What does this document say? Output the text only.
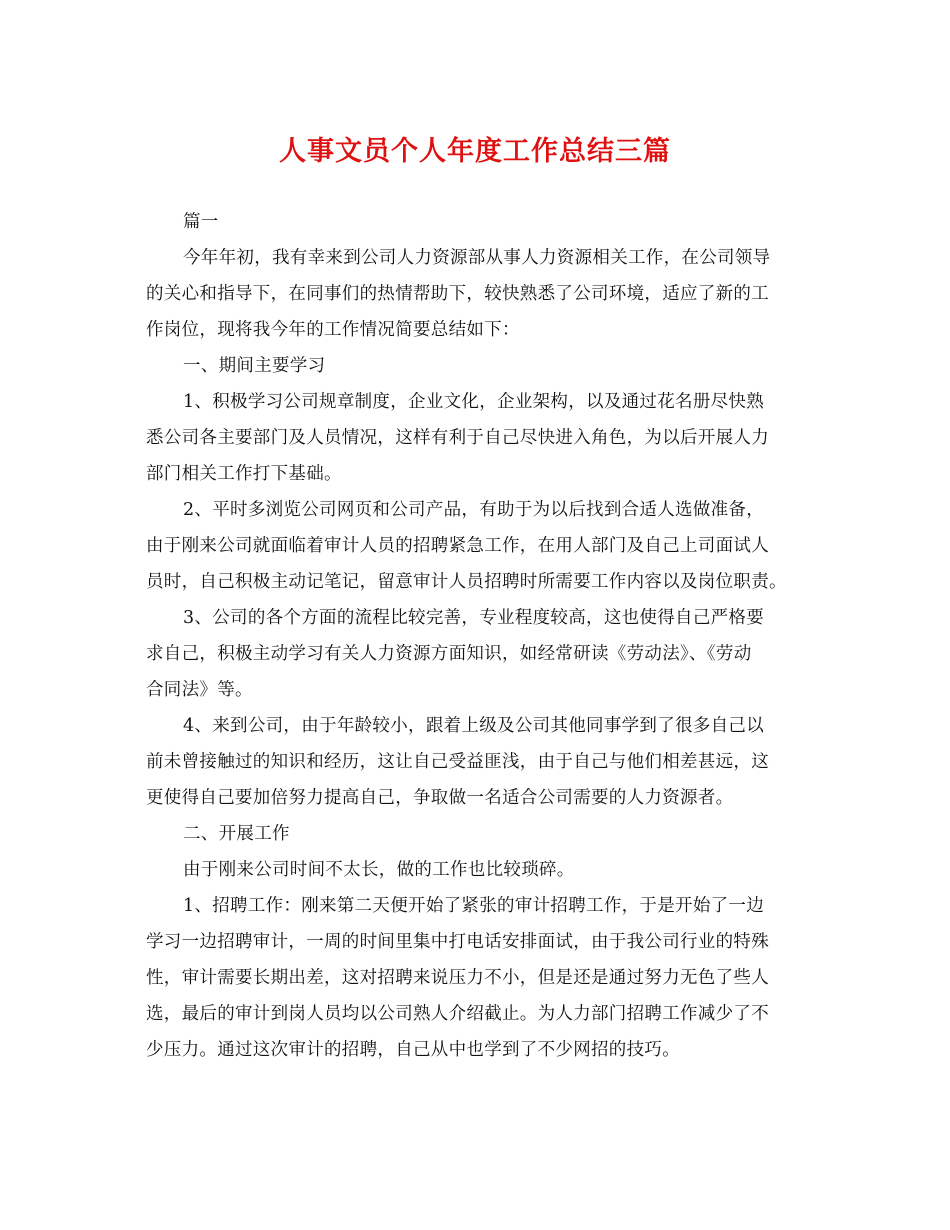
人事文员个人年度工作总结三篇
篇一
今年年初，我有幸来到公司人力资源部从事人力资源相关工作，在公司领导
的关心和指导下，在同事们的热情帮助下，较快熟悉了公司环境，适应了新的工
作岗位，现将我今年的工作情况简要总结如下：
一、期间主要学习
1、积极学习公司规章制度，企业文化，企业架构，以及通过花名册尽快熟
悉公司各主要部门及人员情况，这样有利于自己尽快进入角色，为以后开展人力
部门相关工作打下基础。
2、平时多浏览公司网页和公司产品，有助于为以后找到合适人选做准备，
由于刚来公司就面临着审计人员的招聘紧急工作，在用人部门及自己上司面试人
员时，自己积极主动记笔记，留意审计人员招聘时所需要工作内容以及岗位职责。
3、公司的各个方面的流程比较完善，专业程度较高，这也使得自己严格要
求自己，积极主动学习有关人力资源方面知识，如经常研读《劳动法》、《劳动
合同法》等。
4、来到公司，由于年龄较小，跟着上级及公司其他同事学到了很多自己以
前未曾接触过的知识和经历，这让自己受益匪浅，由于自己与他们相差甚远，这
更使得自己要加倍努力提高自己，争取做一名适合公司需要的人力资源者。
二、开展工作
由于刚来公司时间不太长，做的工作也比较琐碎。
1、招聘工作：刚来第二天便开始了紧张的审计招聘工作，于是开始了一边
学习一边招聘审计，一周的时间里集中打电话安排面试，由于我公司行业的特殊
性，审计需要长期出差，这对招聘来说压力不小，但是还是通过努力无色了些人
选，最后的审计到岗人员均以公司熟人介绍截止。为人力部门招聘工作减少了不
少压力。通过这次审计的招聘，自己从中也学到了不少网招的技巧。
